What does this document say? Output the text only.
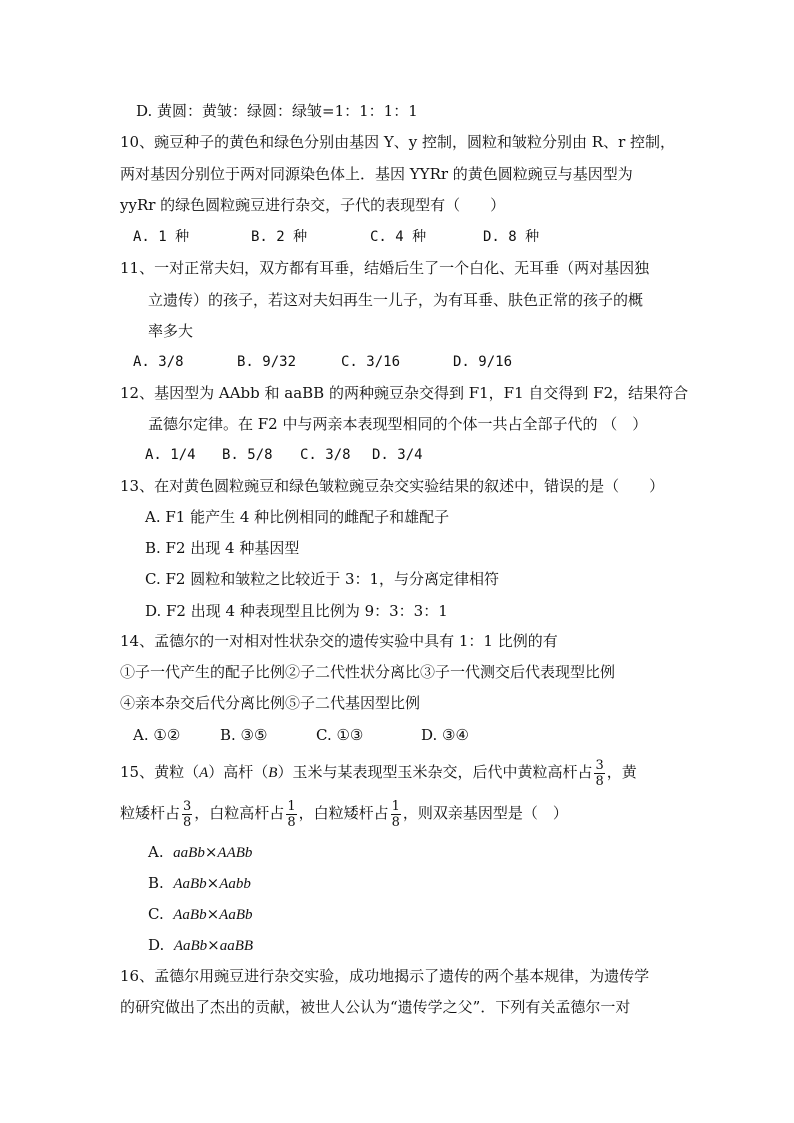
D. 黄圆：黄皱：绿圆：绿皱=1：1：1：1
10、豌豆种子的黄色和绿色分别由基因 Y、y 控制，圆粒和皱粒分别由 R、r 控制，
两对基因分别位于两对同源染色体上．基因 YYRr 的黄色圆粒豌豆与基因型为
yyRr 的绿色圆粒豌豆进行杂交，子代的表现型有（　　）
A. 1 种	B. 2 种	C. 4 种	D. 8 种
11、一对正常夫妇，双方都有耳垂，结婚后生了一个白化、无耳垂（两对基因独
立遗传）的孩子，若这对夫妇再生一儿子，为有耳垂、肤色正常的孩子的概
率多大
A. 3/8	B. 9/32	C. 3/16	D. 9/16
12、基因型为 AAbb 和 aaBB 的两种豌豆杂交得到 F1，F1 自交得到 F2，结果符合
孟德尔定律。在 F2 中与两亲本表现型相同的个体一共占全部子代的 （　）
A. 1/4 B. 5/8 C. 3/8 D. 3/4
13、在对黄色圆粒豌豆和绿色皱粒豌豆杂交实验结果的叙述中，错误的是（　　）
A. F1 能产生 4 种比例相同的雌配子和雄配子
B. F2 出现 4 种基因型
C. F2 圆粒和皱粒之比较近于 3：1，与分离定律相符
D. F2 出现 4 种表现型且比例为 9：3：3：1
14、孟德尔的一对相对性状杂交的遗传实验中具有 1：1 比例的有
①子一代产生的配子比例②子二代性状分离比③子一代测交后代表现型比例
④亲本杂交后代分离比例⑤子二代基因型比例
A. ①②	B. ③⑤	C. ①③	D. ③④
15、黄粒（A）高杆（B）玉米与某表现型玉米杂交，后代中黄粒高杆占 $\frac{3}{8}$ ，黄
粒矮杆占 $\frac{3}{8}$ ，白粒高杆占 $\frac{1}{8}$ ，白粒矮杆占 $\frac{1}{8}$ ，则双亲基因型是（　）
A. aaBb×AABb
B. AaBb×Aabb
C. AaBb×AaBb
D. AaBb×aaBB
16、孟德尔用豌豆进行杂交实验，成功地揭示了遗传的两个基本规律，为遗传学
的研究做出了杰出的贡献，被世人公认为“遗传学之父”．下列有关孟德尔一对
